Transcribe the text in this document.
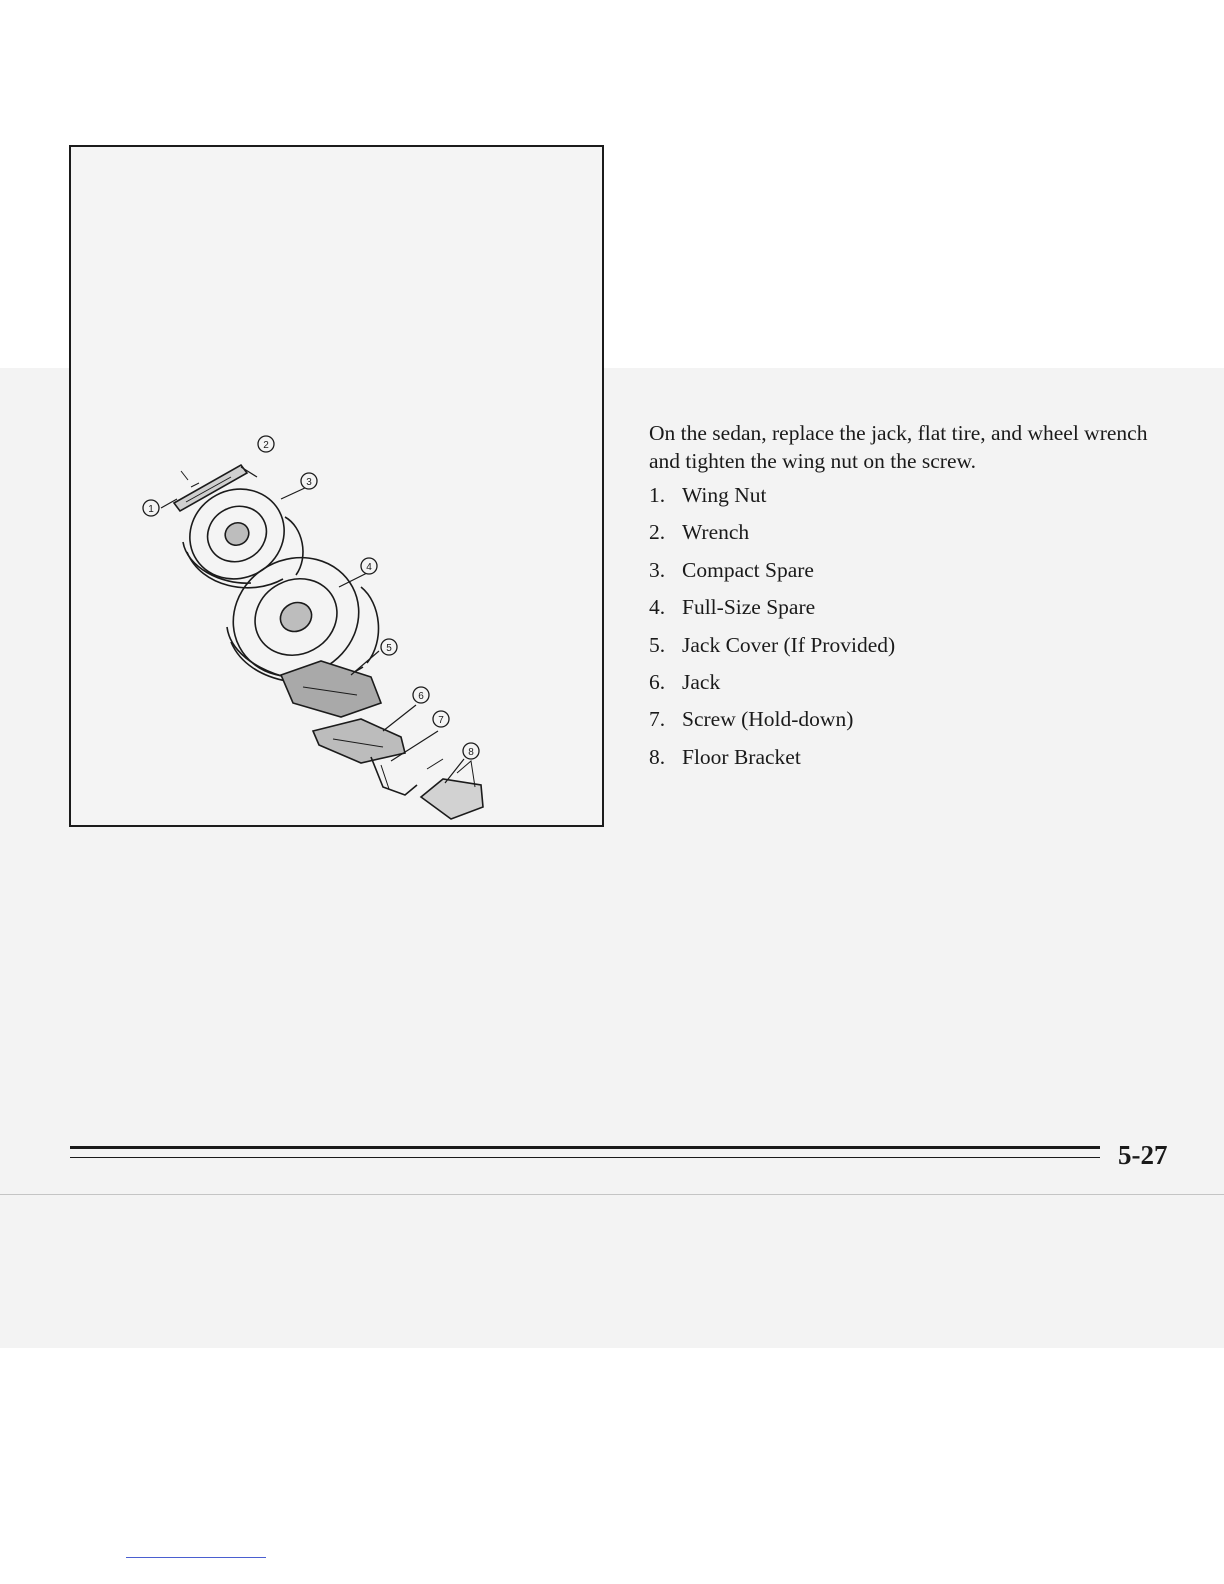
1
2
3
4
5
6
7
8

On the sedan, replace the jack, flat tire, and wheel wrench and tighten the wing nut on the screw.

1. Wing Nut
2. Wrench
3. Compact Spare
4. Full-Size Spare
5. Jack Cover (If Provided)
6. Jack
7. Screw (Hold-down)
8. Floor Bracket
5-27
